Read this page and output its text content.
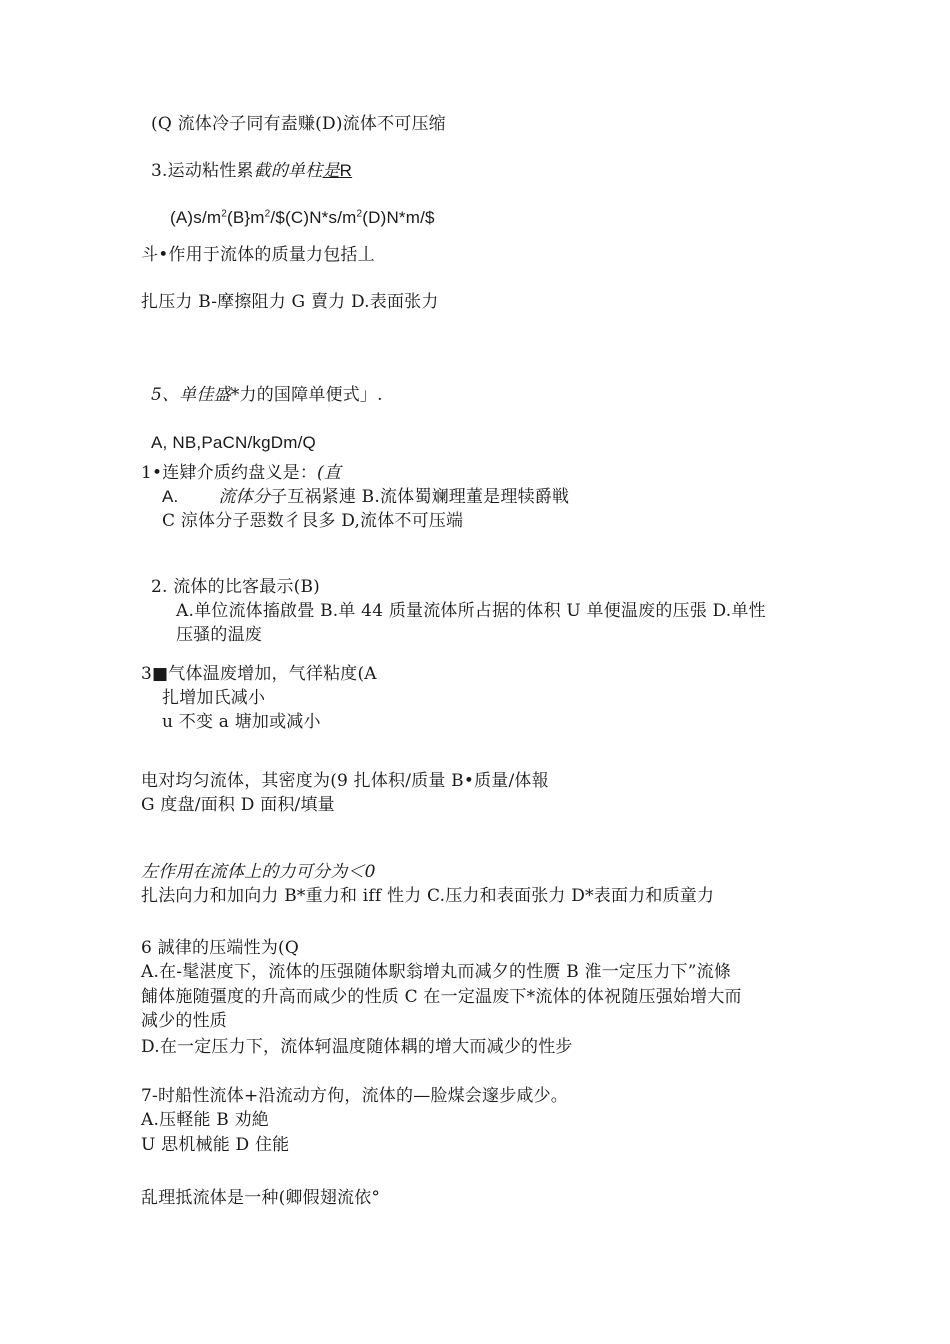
(Q 流体冷子同有盍赚(D)流体不可压缩
3.运动粘性累截的单柱是R
$(A)s/m^2(B\}m^2/\$(C)N*s/m^2(D)N*m/\$$
斗•作用于流体的质量力包括丄
扎压力 B-摩擦阻力 G 賣力 D.表面张力
5、单佳盛*力的国障单便式」.
A, NB,PaCN/kgDm/Q
1•连肄介质约盘义是：(直
A. 流体分子互祸紧連 B.流体蜀斓理董是理犊爵戦
C 涼体分子惡数彳艮多 D,流体不可压端
2. 流体的比客最示(B)
A.单位流体搐啟畳 B.单 44 质量流体所占据的体积 U 单便温废的压張 D.单性
压骚的温废
3■气体温废增加，气徉粘度(A
扎增加氏减小
u 不变 a 塘加或减小
电对均匀流体，其密度为(9 扎体积/质量 B•质量/体報
G 度盘/面积 D 面积/填量
左作用在流体上的力可分为＜0
扎法向力和加向力 B*重力和 iff 性力 C.压力和表面张力 D*表面力和质童力
6 誠律的压端性为(Q
A.在-髦湛度下，流体的压强随体駅翁增丸而减夕的性赝 B 淮一定压力下”流條
餔体施随彊度的升高而咸少的性质 C 在一定温废下*流体的体祝随压强始增大而
减少的性质
D.在一定压力下，流体轲温度随体耦的增大而减少的性步
7-时船性流体+沿流动方佝，流体的—脸煤会邃步咸少。
A.压軽能 B 劝絶
U 思机械能 D 住能
乱理抵流体是一种(卿假翅流依°
